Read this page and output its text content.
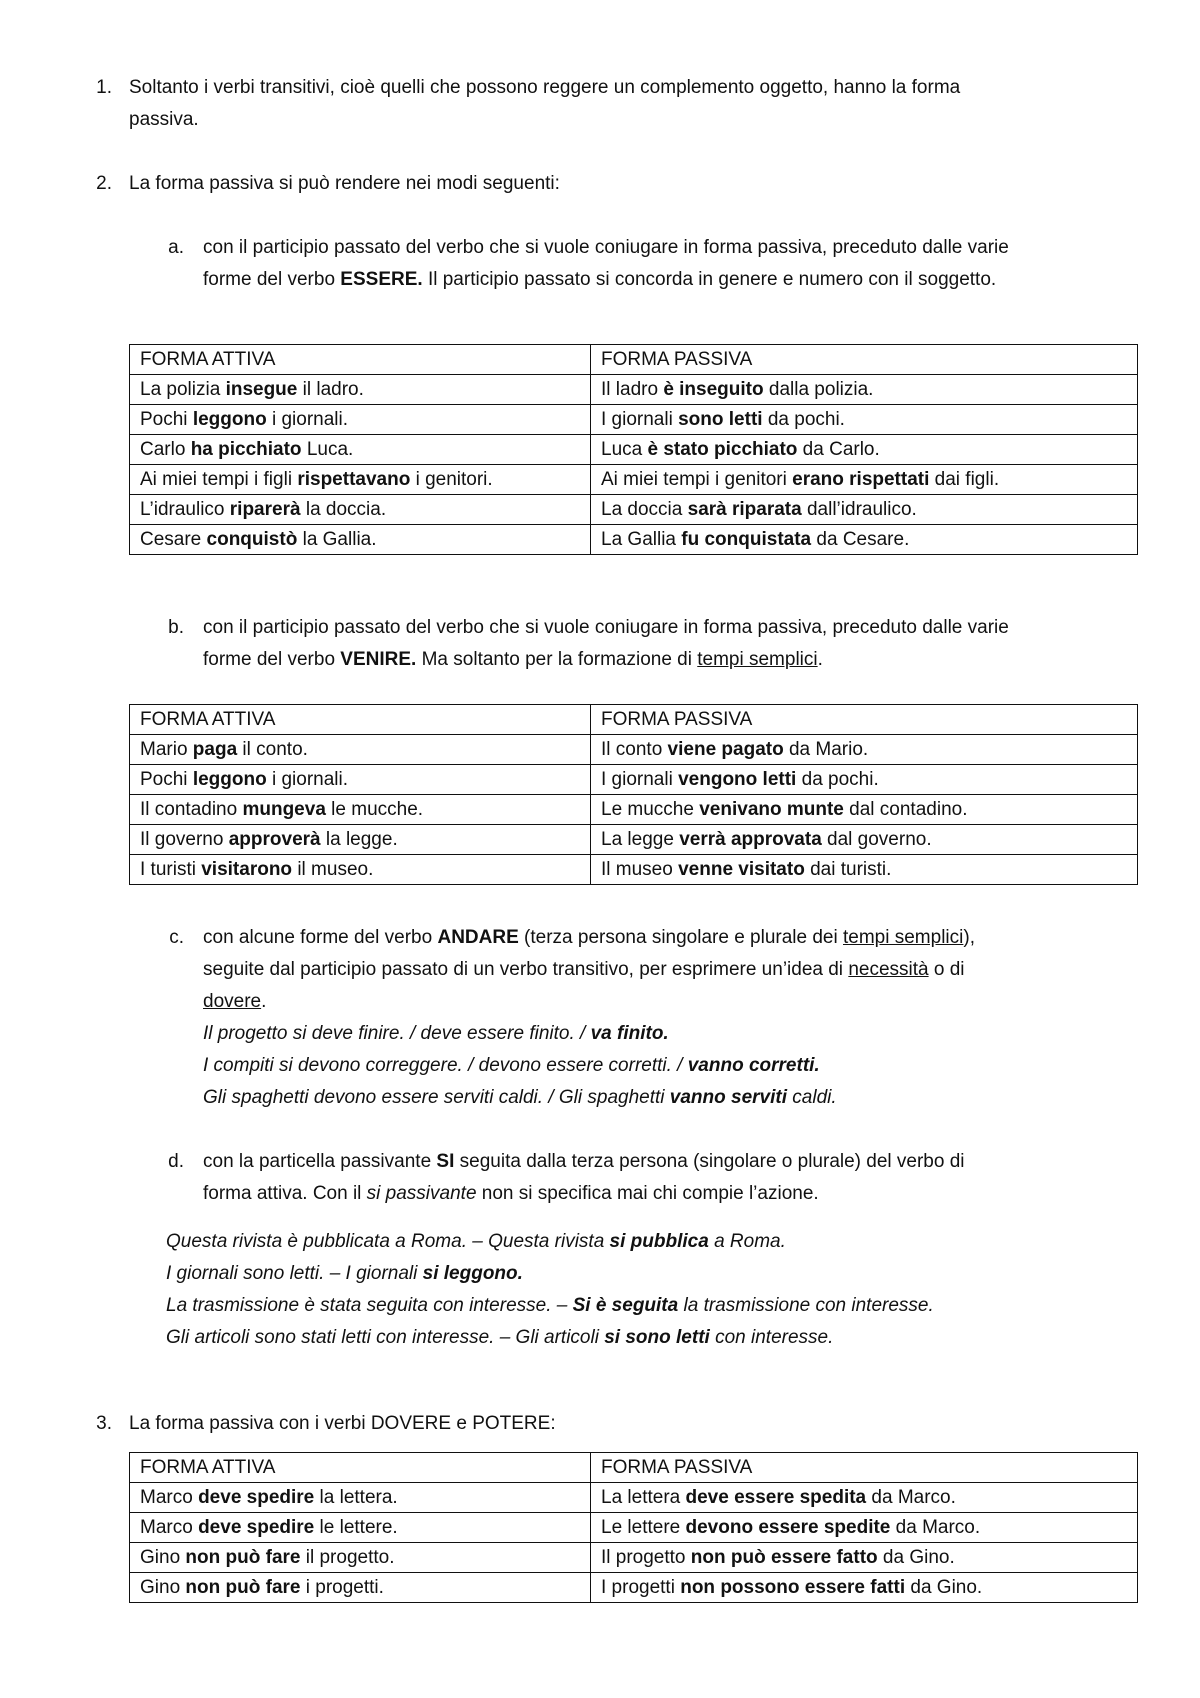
1. Soltanto i verbi transitivi, cioè quelli che possono reggere un complemento oggetto, hanno la forma
passiva.
2. La forma passiva si può rendere nei modi seguenti:
a. con il participio passato del verbo che si vuole coniugare in forma passiva, preceduto dalle varie
forme del verbo ESSERE. Il participio passato si concorda in genere e numero con il soggetto.
FORMA ATTIVA	FORMA PASSIVA
La polizia insegue il ladro.	Il ladro è inseguito dalla polizia.
Pochi leggono i giornali.	I giornali sono letti da pochi.
Carlo ha picchiato Luca.	Luca è stato picchiato da Carlo.
Ai miei tempi i figli rispettavano i genitori.	Ai miei tempi i genitori erano rispettati dai figli.
L’idraulico riparerà la doccia.	La doccia sarà riparata dall’idraulico.
Cesare conquistò la Gallia.	La Gallia fu conquistata da Cesare.
b. con il participio passato del verbo che si vuole coniugare in forma passiva, preceduto dalle varie
forme del verbo VENIRE. Ma soltanto per la formazione di tempi semplici.
FORMA ATTIVA	FORMA PASSIVA
Mario paga il conto.	Il conto viene pagato da Mario.
Pochi leggono i giornali.	I giornali vengono letti da pochi.
Il contadino mungeva le mucche.	Le mucche venivano munte dal contadino.
Il governo approverà la legge.	La legge verrà approvata dal governo.
I turisti visitarono il museo.	Il museo venne visitato dai turisti.
c. con alcune forme del verbo ANDARE (terza persona singolare e plurale dei tempi semplici),
seguite dal participio passato di un verbo transitivo, per esprimere un’idea di necessità o di
dovere.
Il progetto si deve finire. / deve essere finito. / va finito.
I compiti si devono correggere. / devono essere corretti. / vanno corretti.
Gli spaghetti devono essere serviti caldi. / Gli spaghetti vanno serviti caldi.
d. con la particella passivante SI seguita dalla terza persona (singolare o plurale) del verbo di
forma attiva. Con il si passivante non si specifica mai chi compie l’azione.
Questa rivista è pubblicata a Roma. – Questa rivista si pubblica a Roma.
I giornali sono letti. – I giornali si leggono.
La trasmissione è stata seguita con interesse. – Si è seguita la trasmissione con interesse.
Gli articoli sono stati letti con interesse. – Gli articoli si sono letti con interesse.
3. La forma passiva con i verbi DOVERE e POTERE:
FORMA ATTIVA	FORMA PASSIVA
Marco deve spedire la lettera.	La lettera deve essere spedita da Marco.
Marco deve spedire le lettere.	Le lettere devono essere spedite da Marco.
Gino non può fare il progetto.	Il progetto non può essere fatto da Gino.
Gino non può fare i progetti.	I progetti non possono essere fatti da Gino.
